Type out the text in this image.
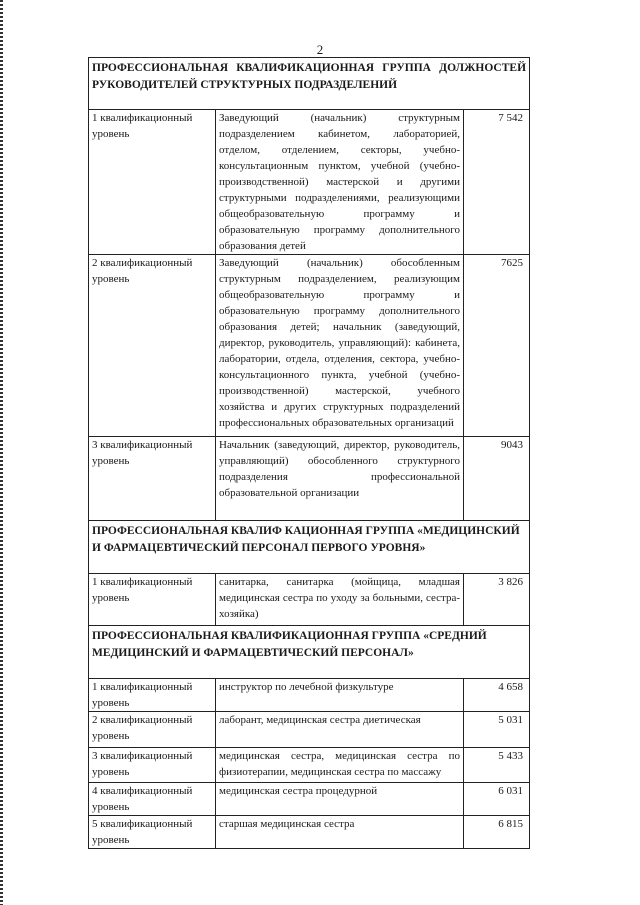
2
ПРОФЕССИОНАЛЬНАЯ КВАЛИФИКАЦИОННАЯ ГРУППА ДОЛЖНОСТЕЙ РУКОВОДИТЕЛЕЙ СТРУКТУРНЫХ ПОДРАЗДЕЛЕНИЙ		
1 квалификационный уровень	Заведующий (начальник) структурным подразделением кабинетом, лабораторией, отделом, отделением, секторы, учебно-консультационным пунктом, учебной (учебно-производственной) мастерской и другими структурными подразделениями, реализующими общеобразовательную программу и образовательную программу дополнительного образования детей	7 542
2 квалификационный уровень	Заведующий (начальник) обособленным структурным подразделением, реализующим общеобразовательную программу и образовательную программу дополнительного образования детей; начальник (заведующий, директор, руководитель, управляющий): кабинета, лаборатории, отдела, отделения, сектора, учебно-консультационного пункта, учебной (учебно-производственной) мастерской, учебного хозяйства и других структурных подразделений профессиональных образовательных организаций	7625
3 квалификационный уровень	Начальник (заведующий, директор, руководитель, управляющий) обособленного структурного подразделения профессиональной образовательной организации	9043
ПРОФЕССИОНАЛЬНАЯ КВАЛИФ КАЦИОННАЯ ГРУППА «МЕДИЦИНСКИЙ И ФАРМАЦЕВТИЧЕСКИЙ ПЕРСОНАЛ ПЕРВОГО УРОВНЯ»		
1 квалификационный уровень	санитарка, санитарка (мойщица, младшая медицинская сестра по уходу за больными, сестра-хозяйка)	3 826
ПРОФЕССИОНАЛЬНАЯ КВАЛИФИКАЦИОННАЯ ГРУППА «СРЕДНИЙ МЕДИЦИНСКИЙ И ФАРМАЦЕВТИЧЕСКИЙ ПЕРСОНАЛ»		
1 квалификационный уровень	инструктор по лечебной физкультуре	4 658
2 квалификационный уровень	лаборант, медицинская сестра диетическая	5 031
3 квалификационный уровень	медицинская сестра, медицинская сестра по физиотерапии, медицинская сестра по массажу	5 433
4 квалификационный уровень	медицинская сестра процедурной	6 031
5 квалификационный уровень	старшая медицинская сестра	6 815
